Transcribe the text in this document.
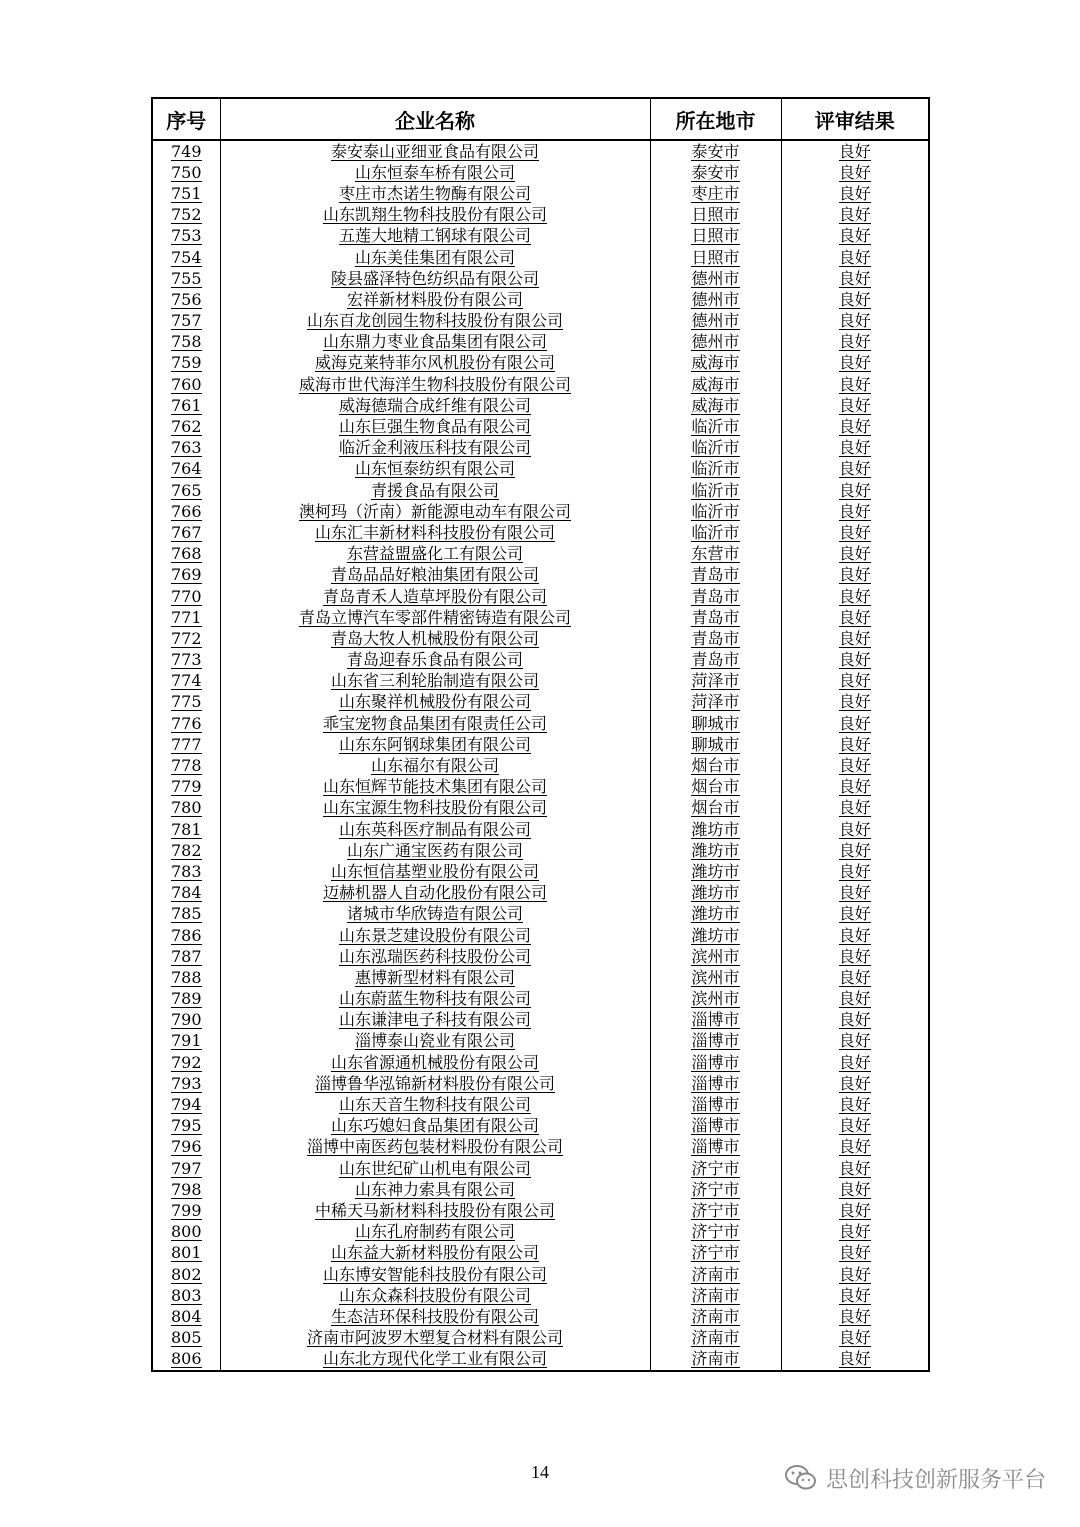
序号	企业名称	所在地市	评审结果
749	泰安泰山亚细亚食品有限公司	泰安市	良好
750	山东恒泰车桥有限公司	泰安市	良好
751	枣庄市杰诺生物酶有限公司	枣庄市	良好
752	山东凯翔生物科技股份有限公司	日照市	良好
753	五莲大地精工钢球有限公司	日照市	良好
754	山东美佳集团有限公司	日照市	良好
755	陵县盛泽特色纺织品有限公司	德州市	良好
756	宏祥新材料股份有限公司	德州市	良好
757	山东百龙创园生物科技股份有限公司	德州市	良好
758	山东鼎力枣业食品集团有限公司	德州市	良好
759	威海克莱特菲尔风机股份有限公司	威海市	良好
760	威海市世代海洋生物科技股份有限公司	威海市	良好
761	威海德瑞合成纤维有限公司	威海市	良好
762	山东巨强生物食品有限公司	临沂市	良好
763	临沂金利液压科技有限公司	临沂市	良好
764	山东恒泰纺织有限公司	临沂市	良好
765	青援食品有限公司	临沂市	良好
766	澳柯玛（沂南）新能源电动车有限公司	临沂市	良好
767	山东汇丰新材料科技股份有限公司	临沂市	良好
768	东营益盟盛化工有限公司	东营市	良好
769	青岛品品好粮油集团有限公司	青岛市	良好
770	青岛青禾人造草坪股份有限公司	青岛市	良好
771	青岛立博汽车零部件精密铸造有限公司	青岛市	良好
772	青岛大牧人机械股份有限公司	青岛市	良好
773	青岛迎春乐食品有限公司	青岛市	良好
774	山东省三利轮胎制造有限公司	菏泽市	良好
775	山东聚祥机械股份有限公司	菏泽市	良好
776	乖宝宠物食品集团有限责任公司	聊城市	良好
777	山东东阿钢球集团有限公司	聊城市	良好
778	山东福尔有限公司	烟台市	良好
779	山东恒辉节能技术集团有限公司	烟台市	良好
780	山东宝源生物科技股份有限公司	烟台市	良好
781	山东英科医疗制品有限公司	潍坊市	良好
782	山东广通宝医药有限公司	潍坊市	良好
783	山东恒信基塑业股份有限公司	潍坊市	良好
784	迈赫机器人自动化股份有限公司	潍坊市	良好
785	诸城市华欣铸造有限公司	潍坊市	良好
786	山东景芝建设股份有限公司	潍坊市	良好
787	山东泓瑞医药科技股份公司	滨州市	良好
788	惠博新型材料有限公司	滨州市	良好
789	山东蔚蓝生物科技有限公司	滨州市	良好
790	山东谦津电子科技有限公司	淄博市	良好
791	淄博泰山瓷业有限公司	淄博市	良好
792	山东省源通机械股份有限公司	淄博市	良好
793	淄博鲁华泓锦新材料股份有限公司	淄博市	良好
794	山东天音生物科技有限公司	淄博市	良好
795	山东巧媳妇食品集团有限公司	淄博市	良好
796	淄博中南医药包装材料股份有限公司	淄博市	良好
797	山东世纪矿山机电有限公司	济宁市	良好
798	山东神力索具有限公司	济宁市	良好
799	中稀天马新材料科技股份有限公司	济宁市	良好
800	山东孔府制药有限公司	济宁市	良好
801	山东益大新材料股份有限公司	济宁市	良好
802	山东博安智能科技股份有限公司	济南市	良好
803	山东众森科技股份有限公司	济南市	良好
804	生态洁环保科技股份有限公司	济南市	良好
805	济南市阿波罗木塑复合材料有限公司	济南市	良好
806	山东北方现代化学工业有限公司	济南市	良好
14	思创科技创新服务平台
